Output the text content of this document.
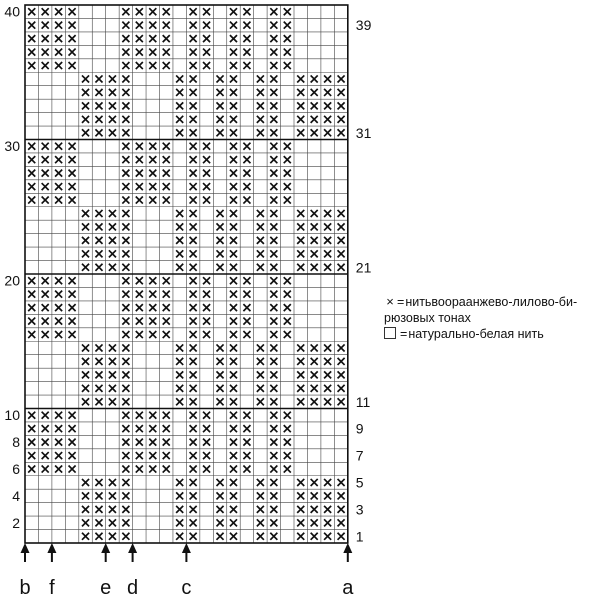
2
4
6
8
10
20
30
40
1
3
5
7
9
11
21
31
39
b f e d c	a
× = нитьвоораанжево-лилово-би-
рюзовых тонах
= натурально-белая нить
